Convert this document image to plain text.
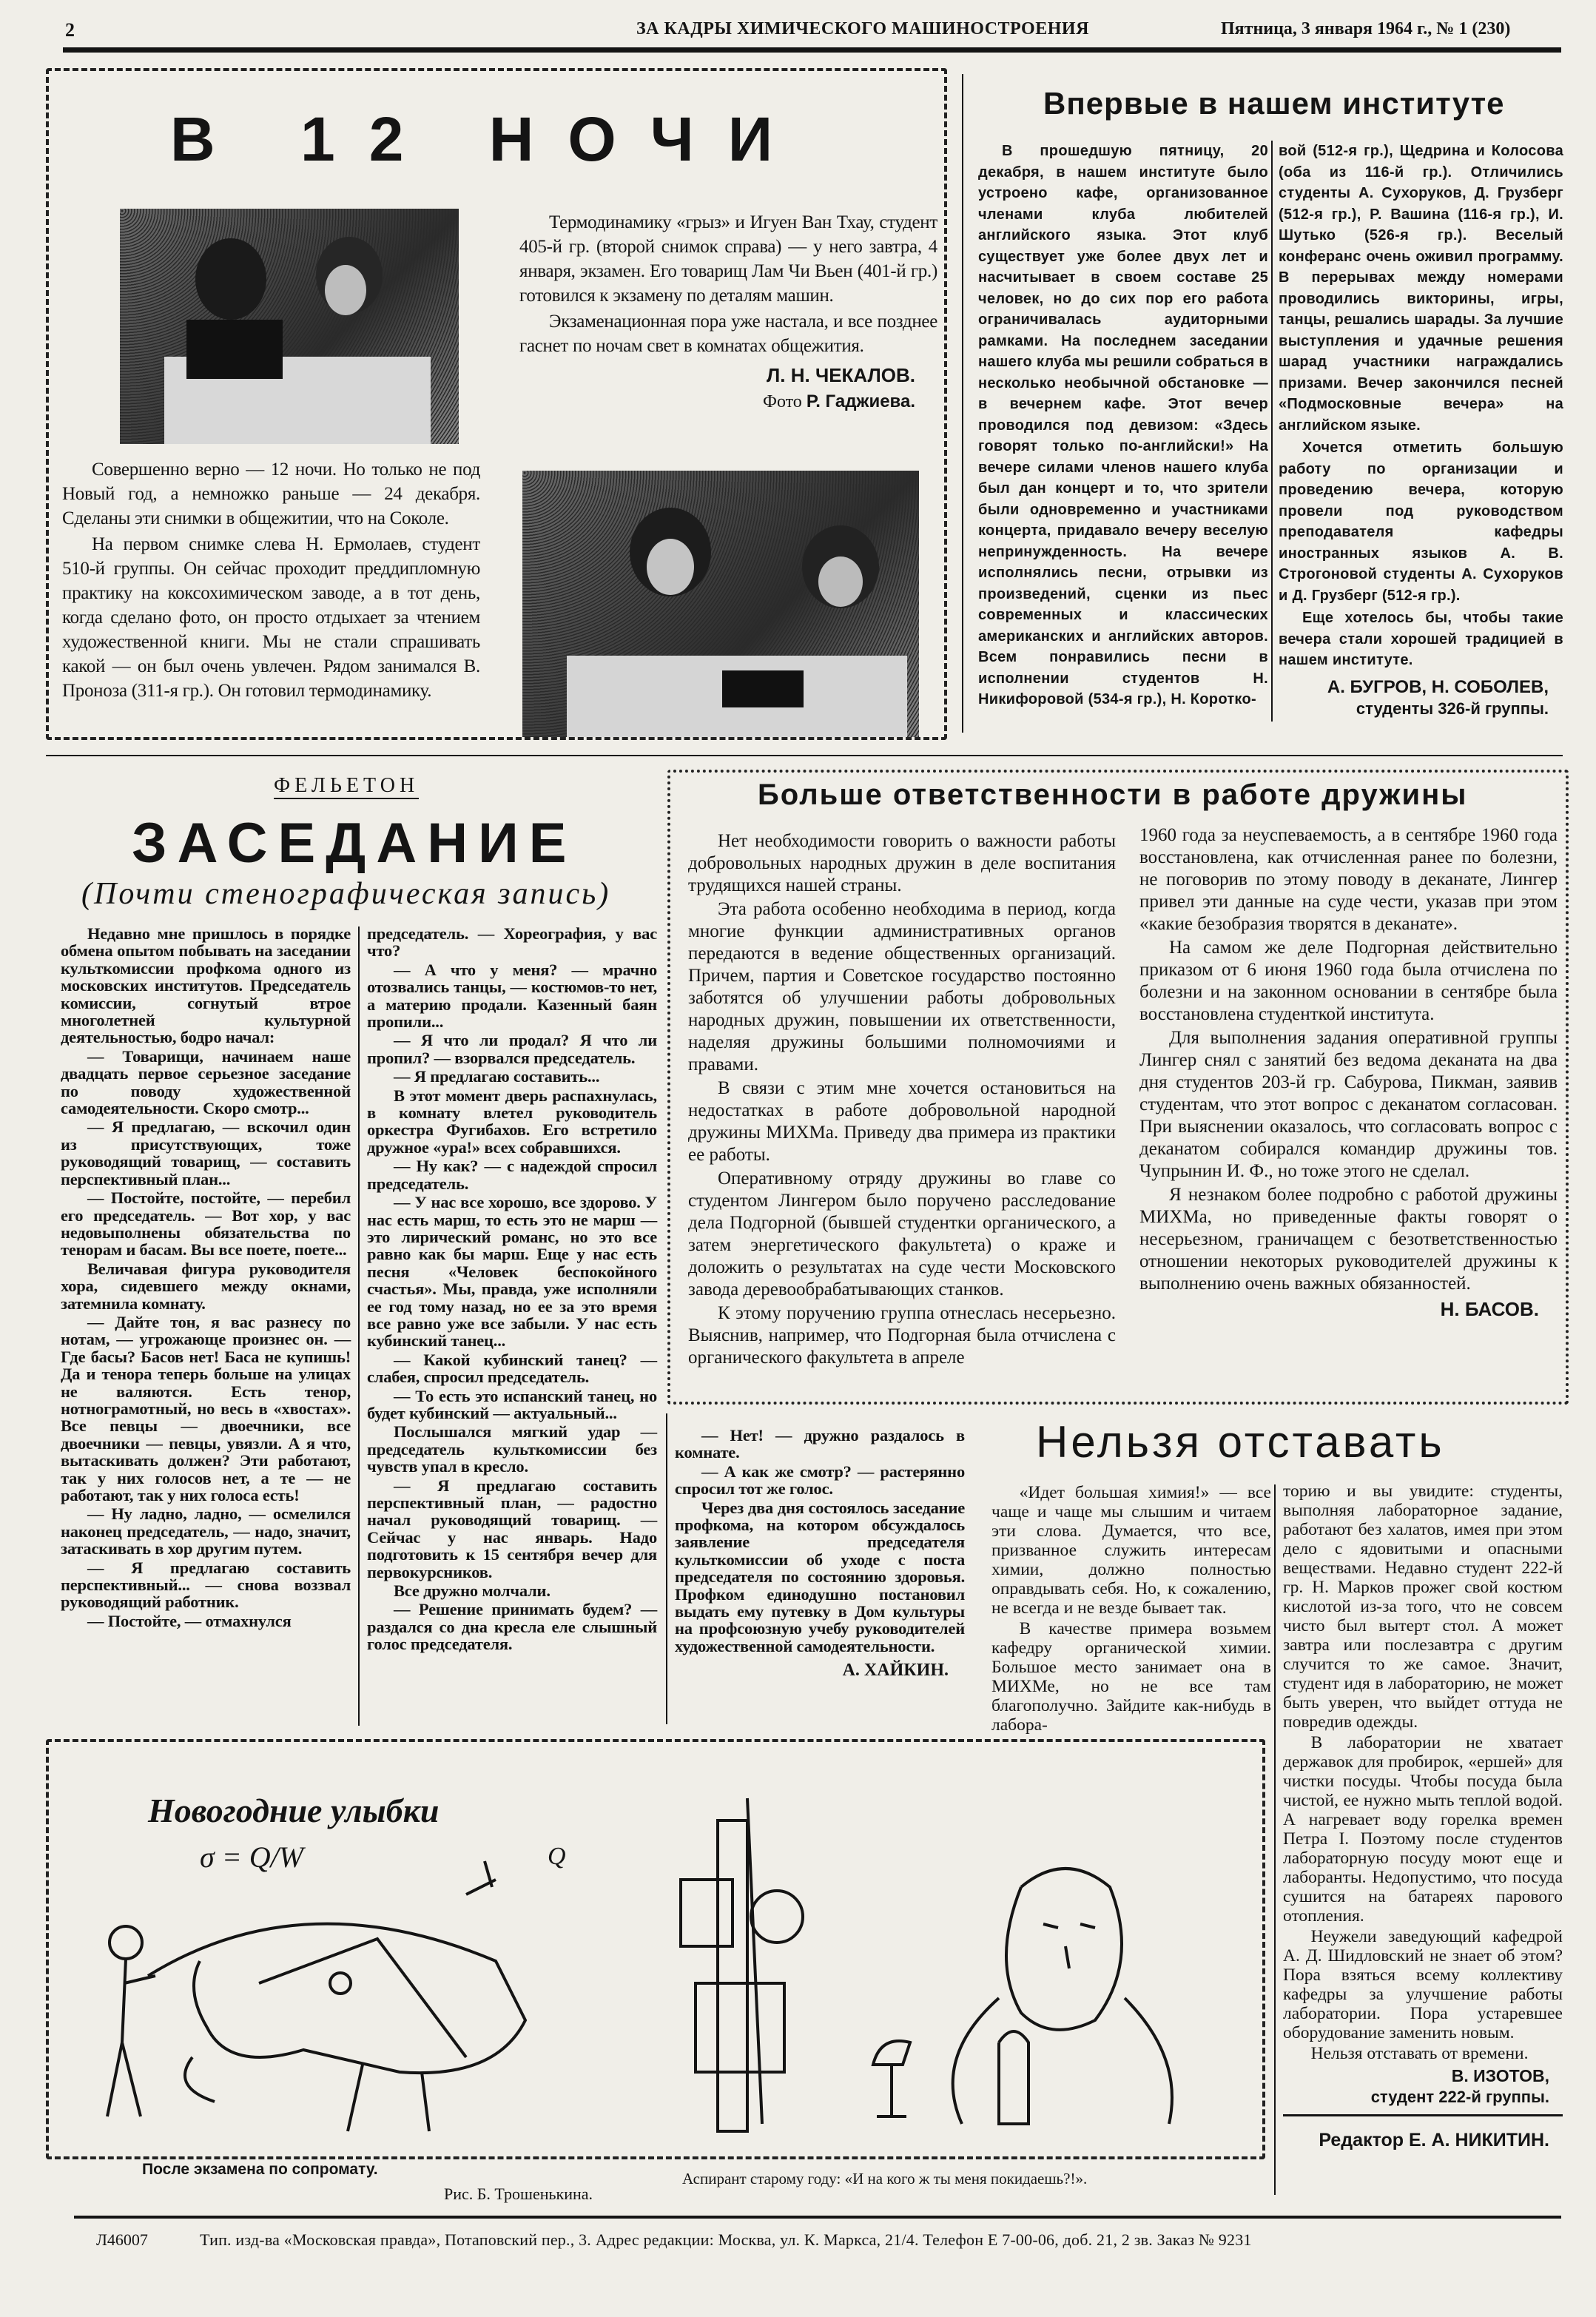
2	ЗА КАДРЫ ХИМИЧЕСКОГО МАШИНОСТРОЕНИЯ	Пятница, 3 января 1964 г., № 1 (230)
В 12 НОЧИ

Термодинамику «грыз» и Игуен Ван Тхау, студент 405-й гр. (второй снимок справа) — у него завтра, 4 января, экзамен. Его товарищ Лам Чи Вьен (401-й гр.) готовился к экзамену по деталям машин.

Экзаменационная пора уже настала, и все позднее гаснет по ночам свет в комнатах общежития.

Л. Н. ЧЕКАЛОВ.
Фото Р. Гаджиева.

Совершенно верно — 12 ночи. Но только не под Новый год, а немножко раньше — 24 декабря. Сделаны эти снимки в общежитии, что на Соколе.

На первом снимке слева Н. Ермолаев, студент 510-й группы. Он сейчас проходит преддипломную практику на коксохимическом заводе, а в тот день, когда сделано фото, он просто отдыхает за чтением художественной книги. Мы не стали спрашивать какой — он был очень увлечен. Рядом занимался В. Проноза (311-я гр.). Он готовил термодинамику.

Впервые в нашем институте

В прошедшую пятницу, 20 декабря, в нашем институте было устроено кафе, организованное членами клуба любителей английского языка. Этот клуб существует уже более двух лет и насчитывает в своем составе 25 человек, но до сих пор его работа ограничивалась аудиторными рамками. На последнем заседании нашего клуба мы решили собраться в несколько необычной обстановке — в вечернем кафе. Этот вечер проводился под девизом: «Здесь говорят только по-английски!» На вечере силами членов нашего клуба был дан концерт и то, что зрители были одновременно и участниками концерта, придавало вечеру веселую непринужденность. На вечере исполнялись песни, отрывки из произведений, сценки из пьес современных и классических американских и английских авторов. Всем понравились песни в исполнении студентов Н. Никифоровой (534-я гр.), Н. Коротко-

вой (512-я гр.), Щедрина и Колосова (оба из 116-й гр.). Отличились студенты А. Сухоруков, Д. Грузберг (512-я гр.), Р. Вашина (116-я гр.), И. Шутько (526-я гр.). Веселый конферанс очень оживил программу. В перерывах между номерами проводились викторины, игры, танцы, решались шарады. За лучшие выступления и удачные решения шарад участники награждались призами. Вечер закончился песней «Подмосковные вечера» на английском языке.

Хочется отметить большую работу по организации и проведению вечера, которую провели под руководством преподавателя кафедры иностранных языков А. В. Строгоновой студенты А. Сухоруков и Д. Грузберг (512-я гр.).

Еще хотелось бы, чтобы такие вечера стали хорошей традицией в нашем институте.

А. БУГРОВ, Н. СОБОЛЕВ,
студенты 326-й группы.
ФЕЛЬЕТОН
ЗАСЕДАНИЕ
(Почти стенографическая запись)

Недавно мне пришлось в порядке обмена опытом побывать на заседании культкомиссии профкома одного из московских институтов. Председатель комиссии, согнутый втрое многолетней культурной деятельностью, бодро начал:

— Товарищи, начинаем наше двадцать первое серьезное заседание по поводу художественной самодеятельности. Скоро смотр...

— Я предлагаю, — вскочил один из присутствующих, тоже руководящий товарищ, — составить перспективный план...

— Постойте, постойте, — перебил его председатель. — Вот хор, у вас недовыполнены обязательства по тенорам и басам. Вы все поете, поете...

Величавая фигура руководителя хора, сидевшего между окнами, затемнила комнату.

— Дайте тон, я вас разнесу по нотам, — угрожающе произнес он. — Где басы? Басов нет! Баса не купишь! Да и тенора теперь больше на улицах не валяются. Есть тенор, нотнограмотный, но весь в «хвостах». Все певцы — двоечники, все двоечники — певцы, увязли. А я что, вытаскивать должен? Эти работают, так у них голосов нет, а те — не работают, так у них голоса есть!

— Ну ладно, ладно, — осмелился наконец председатель, — надо, значит, затаскивать в хор другим путем.

— Я предлагаю составить перспективный... — снова воззвал руководящий работник.

— Постойте, — отмахнулся

председатель. — Хореография, у вас что?

— А что у меня? — мрачно отозвались танцы, — костюмов-то нет, а материю продали. Казенный баян пропили...

— Я что ли продал? Я что ли пропил? — взорвался председатель.

— Я предлагаю составить...

В этот момент дверь распахнулась, в комнату влетел руководитель оркестра Фугибахов. Его встретило дружное «ура!» всех собравшихся.

— Ну как? — с надеждой спросил председатель.

— У нас все хорошо, все здорово. У нас есть марш, то есть это не марш — это лирический романс, но это все равно как бы марш. Еще у нас есть песня «Человек беспокойного счастья». Мы, правда, уже исполняли ее год тому назад, но ее за это время все равно уже все забыли. У нас есть кубинский танец...

— Какой кубинский танец? — слабея, спросил председатель.

— То есть это испанский танец, но будет кубинский — актуальный...

Послышался мягкий удар — председатель культкомиссии без чувств упал в кресло.

— Я предлагаю составить перспективный план, — радостно начал руководящий товарищ. — Сейчас у нас январь. Надо подготовить к 15 сентября вечер для первокурсников.

Все дружно молчали.

— Решение принимать будем? — раздался со дна кресла еле слышный голос председателя.

— Нет! — дружно раздалось в комнате.

— А как же смотр? — растерянно спросил тот же голос.

Через два дня состоялось заседание профкома, на котором обсуждалось заявление председателя культкомиссии об уходе с поста председателя по состоянию здоровья. Профком единодушно постановил выдать ему путевку в Дом культуры на профсоюзную учебу руководителей художественной самодеятельности.

А. ХАЙКИН.
Больше ответственности в работе дружины

Нет необходимости говорить о важности работы добровольных народных дружин в деле воспитания трудящихся нашей страны.

Эта работа особенно необходима в период, когда многие функции административных органов передаются в ведение общественных организаций. Причем, партия и Советское государство постоянно заботятся об улучшении работы добровольных народных дружин, повышении их ответственности, наделяя дружины большими полномочиями и правами.

В связи с этим мне хочется остановиться на недостатках в работе добровольной народной дружины МИХМа. Приведу два примера из практики ее работы.

Оперативному отряду дружины во главе со студентом Лингером было поручено расследование дела Подгорной (бывшей студентки органического, а затем энергетического факультета) о краже и доложить о результатах на суде чести Московского завода деревообрабатывающих станков.

К этому поручению группа отнеслась несерьезно. Выяснив, например, что Подгорная была отчислена с органического факультета в апреле

1960 года за неуспеваемость, а в сентябре 1960 года восстановлена, как отчисленная ранее по болезни, не поговорив по этому поводу в деканате, Лингер привел эти данные на суде чести, указав при этом «какие безобразия творятся в деканате».

На самом же деле Подгорная действительно приказом от 6 июня 1960 года была отчислена по болезни и на законном основании в сентябре была восстановлена студенткой института.

Для выполнения задания оперативной группы Лингер снял с занятий без ведома деканата на два дня студентов 203-й гр. Сабурова, Пикман, заявив студентам, что этот вопрос с деканатом согласован. При выяснении оказалось, что согласовать вопрос с деканатом собирался командир дружины тов. Чупрынин И. Ф., но тоже этого не сделал.

Я незнаком более подробно с работой дружины МИХМа, но приведенные факты говорят о несерьезном, граничащем с безответственностью отношении некоторых руководителей дружины к выполнению очень важных обязанностей.

Н. БАСОВ.
Нельзя отставать

«Идет большая химия!» — все чаще и чаще мы слышим и читаем эти слова. Думается, что все, призванное служить интересам химии, должно полностью оправдывать себя. Но, к сожалению, не всегда и не везде бывает так.

В качестве примера возьмем кафедру органической химии. Большое место занимает она в МИХМе, но не все там благополучно. Зайдите как-нибудь в лабора-

торию и вы увидите: студенты, выполняя лабораторное задание, работают без халатов, имея при этом дело с ядовитыми и опасными веществами. Недавно студент 222-й гр. Н. Марков прожег свой костюм кислотой из-за того, что не совсем чисто был вытерт стол. А может завтра или послезавтра с другим случится то же самое. Значит, студент идя в лабораторию, не может быть уверен, что выйдет оттуда не повредив одежды.

В лаборатории не хватает державок для пробирок, «ершей» для чистки посуды. Чтобы посуда была чистой, ее нужно мыть теплой водой. А нагревает воду горелка времен Петра I. Поэтому после студентов лабораторную посуду моют еще и лаборанты. Недопустимо, что посуда сушится на батареях парового отопления.

Неужели заведующий кафедрой А. Д. Шидловский не знает об этом? Пора взяться всему коллективу кафедры за улучшение работы лаборатории. Пора устаревшее оборудование заменить новым.

Нельзя отставать от времени.

В. ИЗОТОВ,
студент 222-й группы.
Редактор Е. А. НИКИТИН.
Новогодние улыбки
σ = Q/W	Q
После экзамена по сопромату.
Рис. Б. Трошенькина.
Аспирант старому году: «И на кого ж ты меня покидаешь?!».
Л46007	Тип. изд-ва «Московская правда», Потаповский пер., 3. Адрес редакции: Москва, ул. К. Маркса, 21/4. Телефон Е 7-00-06, доб. 21, 2 зв. Заказ № 9231
